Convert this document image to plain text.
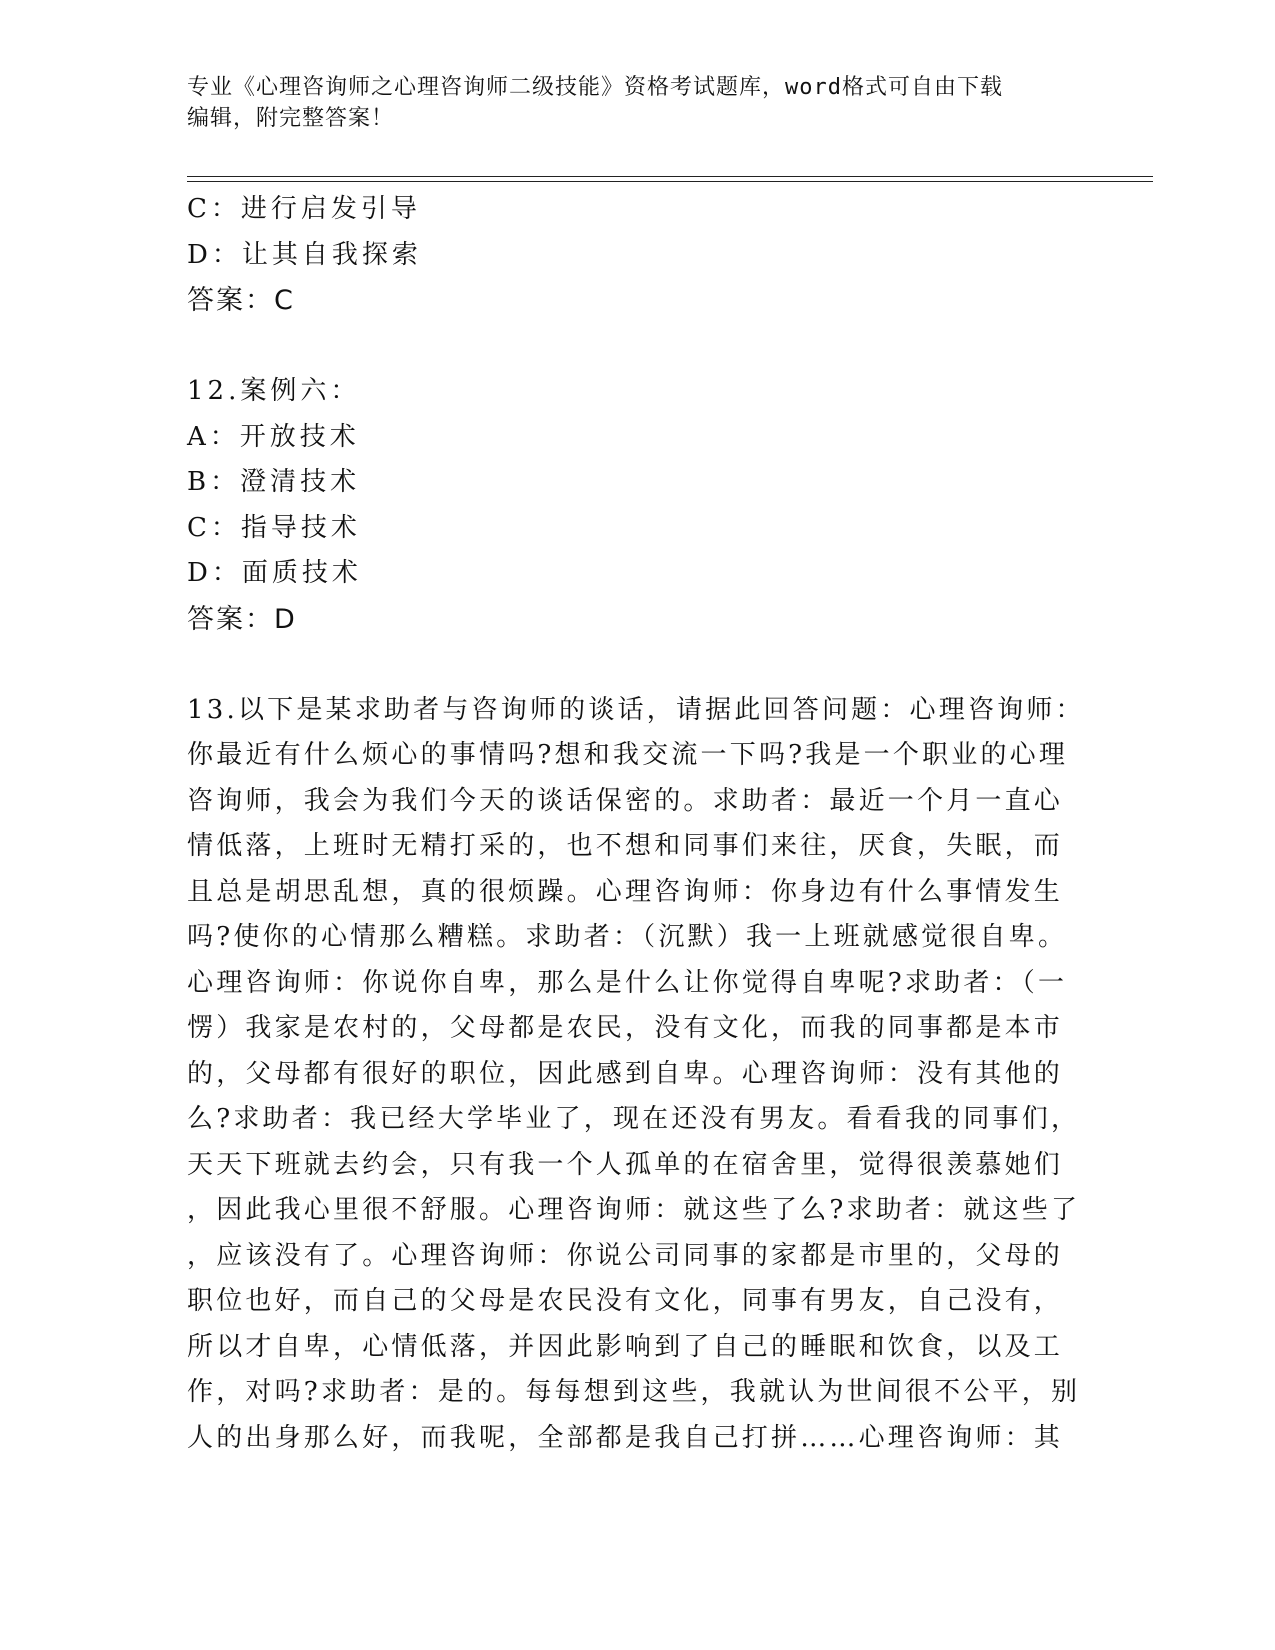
专业《心理咨询师之心理咨询师二级技能》资格考试题库，word格式可自由下载
编辑，附完整答案！
C：进行启发引导
D：让其自我探索
答案：C
12.案例六：
A：开放技术
B：澄清技术
C：指导技术
D：面质技术
答案：D
13.以下是某求助者与咨询师的谈话，请据此回答问题：心理咨询师：
你最近有什么烦心的事情吗?想和我交流一下吗?我是一个职业的心理
咨询师，我会为我们今天的谈话保密的。求助者：最近一个月一直心
情低落，上班时无精打采的，也不想和同事们来往，厌食，失眠，而
且总是胡思乱想，真的很烦躁。心理咨询师：你身边有什么事情发生
吗?使你的心情那么糟糕。求助者：（沉默）我一上班就感觉很自卑。
心理咨询师：你说你自卑，那么是什么让你觉得自卑呢?求助者：（一
愣）我家是农村的，父母都是农民，没有文化，而我的同事都是本市
的，父母都有很好的职位，因此感到自卑。心理咨询师：没有其他的
么?求助者：我已经大学毕业了，现在还没有男友。看看我的同事们，
天天下班就去约会，只有我一个人孤单的在宿舍里，觉得很羡慕她们
，因此我心里很不舒服。心理咨询师：就这些了么?求助者：就这些了
，应该没有了。心理咨询师：你说公司同事的家都是市里的，父母的
职位也好，而自己的父母是农民没有文化，同事有男友，自己没有，
所以才自卑，心情低落，并因此影响到了自己的睡眠和饮食，以及工
作，对吗?求助者：是的。每每想到这些，我就认为世间很不公平，别
人的出身那么好，而我呢，全部都是我自己打拼……心理咨询师：其
